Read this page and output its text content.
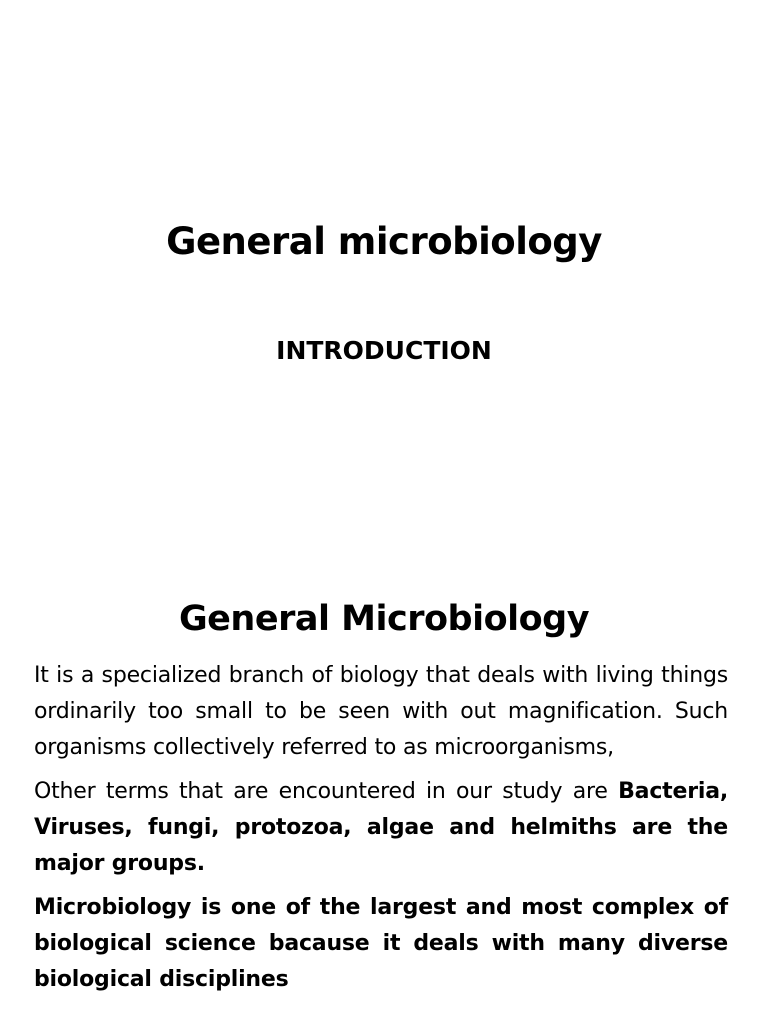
General microbiology
INTRODUCTION
General Microbiology

It is a specialized branch of biology that deals with living things ordinarily too small to be seen with out magnification. Such organisms collectively referred to as microorganisms,

Other terms that are encountered in our study are Bacteria, Viruses, fungi, protozoa, algae and helmiths are the major groups.

Microbiology is one of the largest and most complex of biological science bacause it deals with many diverse biological disciplines
